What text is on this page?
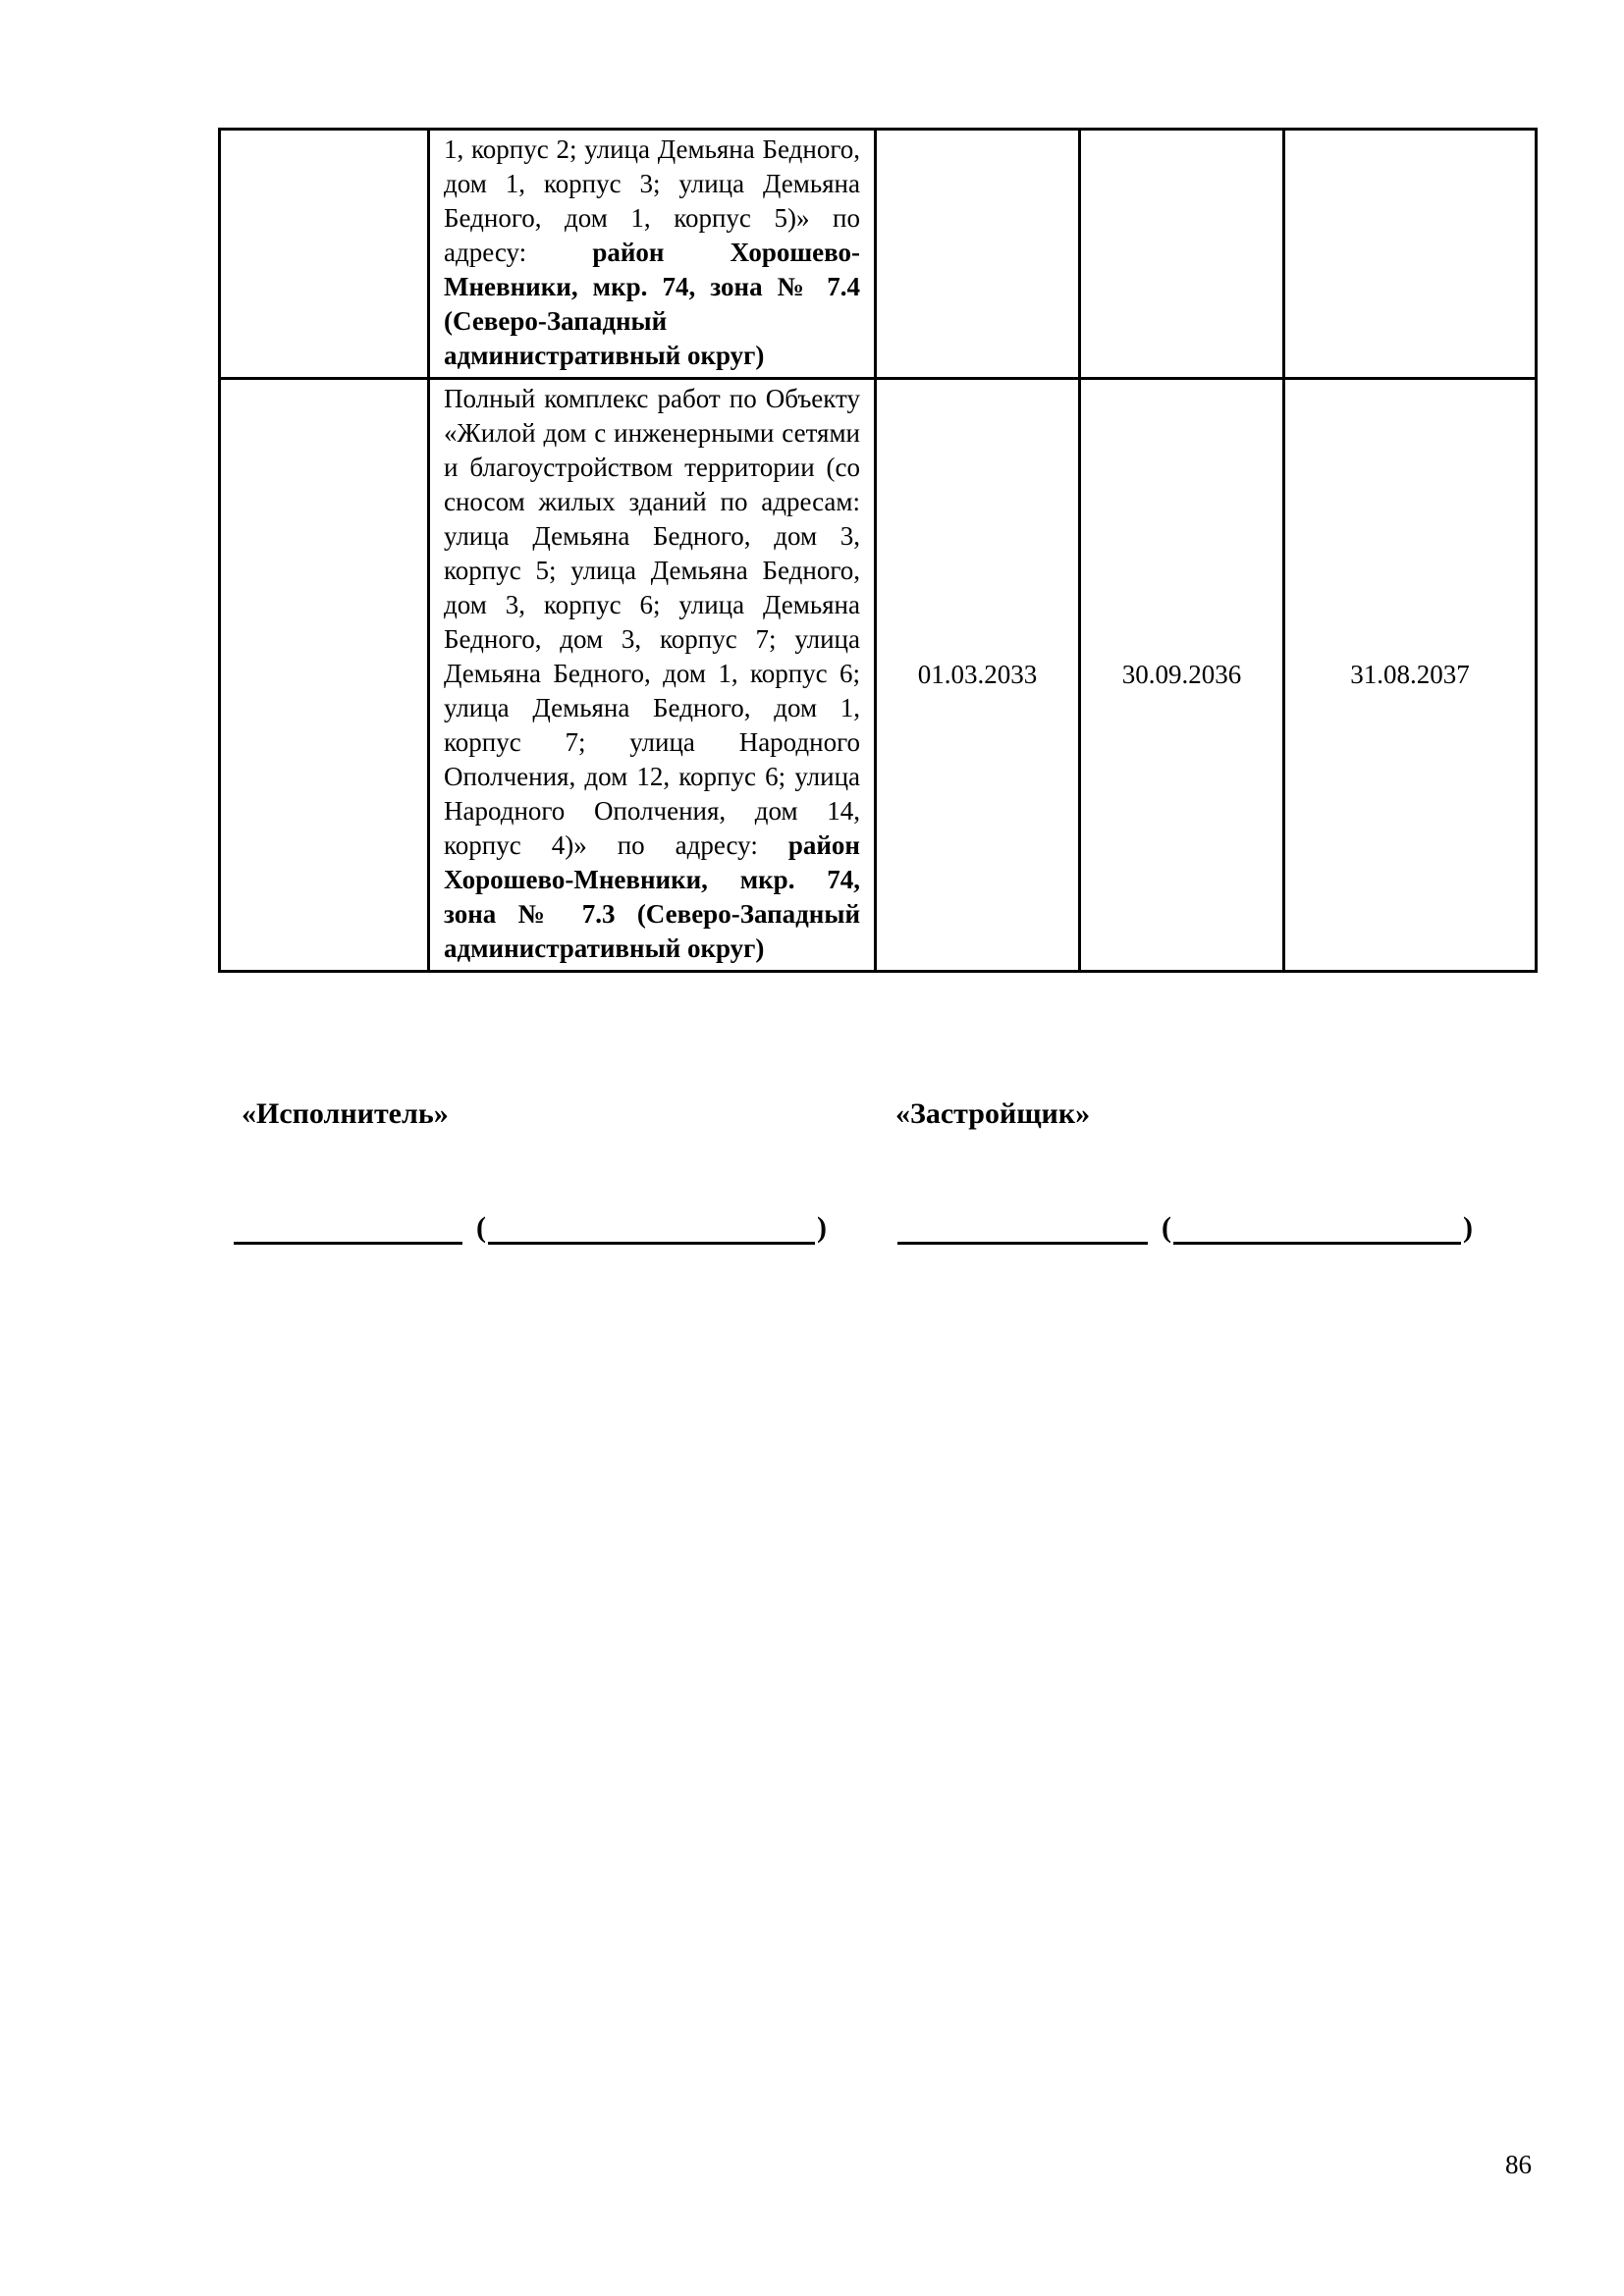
	1, корпус 2; улица Демьяна Бедного, дом 1, корпус 3; улица Демьяна Бедного, дом 1, корпус 5)» по адресу: район Хорошево-Мневники, мкр. 74, зона № 7.4 (Северо-Западный административный округ)			
	Полный комплекс работ по Объекту «Жилой дом с инженерными сетями и благоустройством территории (со сносом жилых зданий по адресам: улица Демьяна Бедного, дом 3, корпус 5; улица Демьяна Бедного, дом 3, корпус 6; улица Демьяна Бедного, дом 3, корпус 7; улица Демьяна Бедного, дом 1, корпус 6; улица Демьяна Бедного, дом 1, корпус 7; улица Народного Ополчения, дом 12, корпус 6; улица Народного Ополчения, дом 14, корпус 4)» по адресу: район Хорошево-Мневники, мкр. 74, зона № 7.3 (Северо-Западный административный округ)	01.03.2033	30.09.2036	31.08.2037
«Исполнитель»	«Застройщик»
(	)	(	)
86
